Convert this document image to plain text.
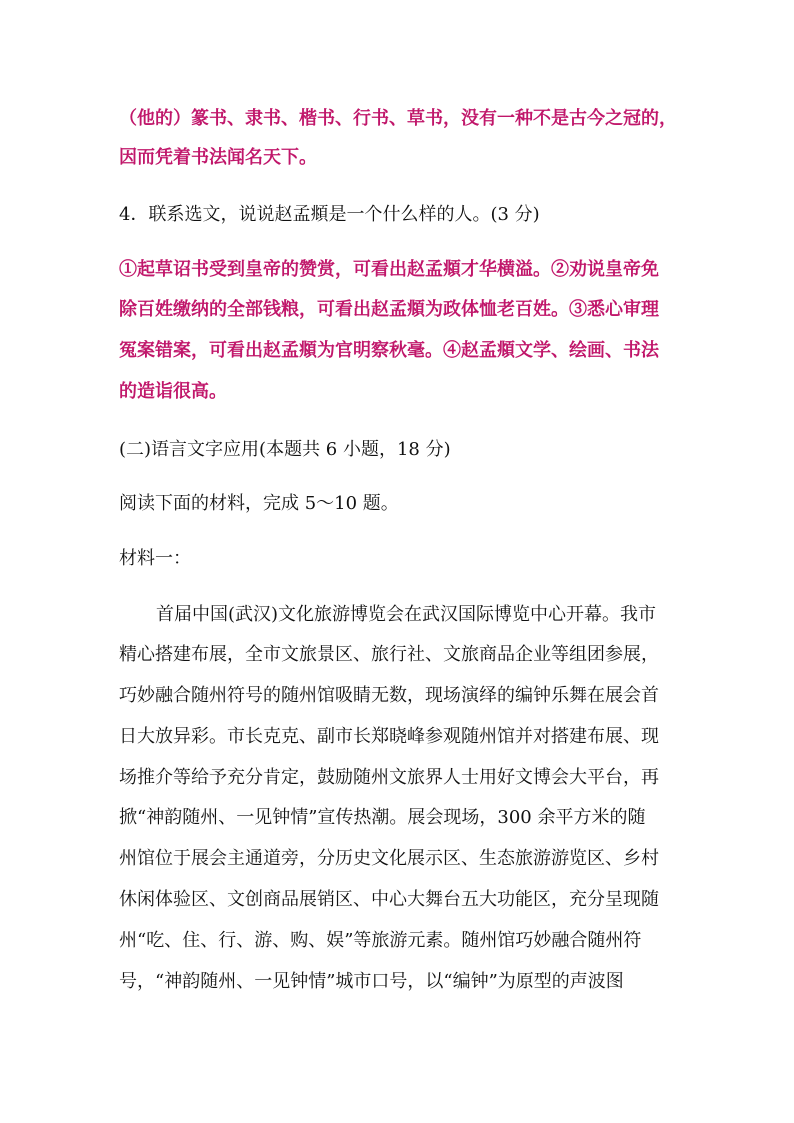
（他的）篆书、隶书、楷书、行书、草书，没有一种不是古今之冠的，
因而凭着书法闻名天下。
4．联系选文，说说赵孟頫是一个什么样的人。(3 分)
①起草诏书受到皇帝的赞赏，可看出赵孟頫才华横溢。②劝说皇帝免
除百姓缴纳的全部钱粮，可看出赵孟頫为政体恤老百姓。③悉心审理
冤案错案，可看出赵孟頫为官明察秋毫。④赵孟頫文学、绘画、书法
的造诣很高。
(二)语言文字应用(本题共 6 小题，18 分)
阅读下面的材料，完成 5～10 题。
材料一：
首届中国(武汉)文化旅游博览会在武汉国际博览中心开幕。我市
精心搭建布展，全市文旅景区、旅行社、文旅商品企业等组团参展，
巧妙融合随州符号的随州馆吸睛无数，现场演绎的编钟乐舞在展会首
日大放异彩。市长克克、副市长郑晓峰参观随州馆并对搭建布展、现
场推介等给予充分肯定，鼓励随州文旅界人士用好文博会大平台，再
掀“神韵随州、一见钟情”宣传热潮。展会现场，300 余平方米的随
州馆位于展会主通道旁，分历史文化展示区、生态旅游游览区、乡村
休闲体验区、文创商品展销区、中心大舞台五大功能区，充分呈现随
州“吃、住、行、游、购、娱”等旅游元素。随州馆巧妙融合随州符
号，“神韵随州、一见钟情”城市口号，以“编钟”为原型的声波图
